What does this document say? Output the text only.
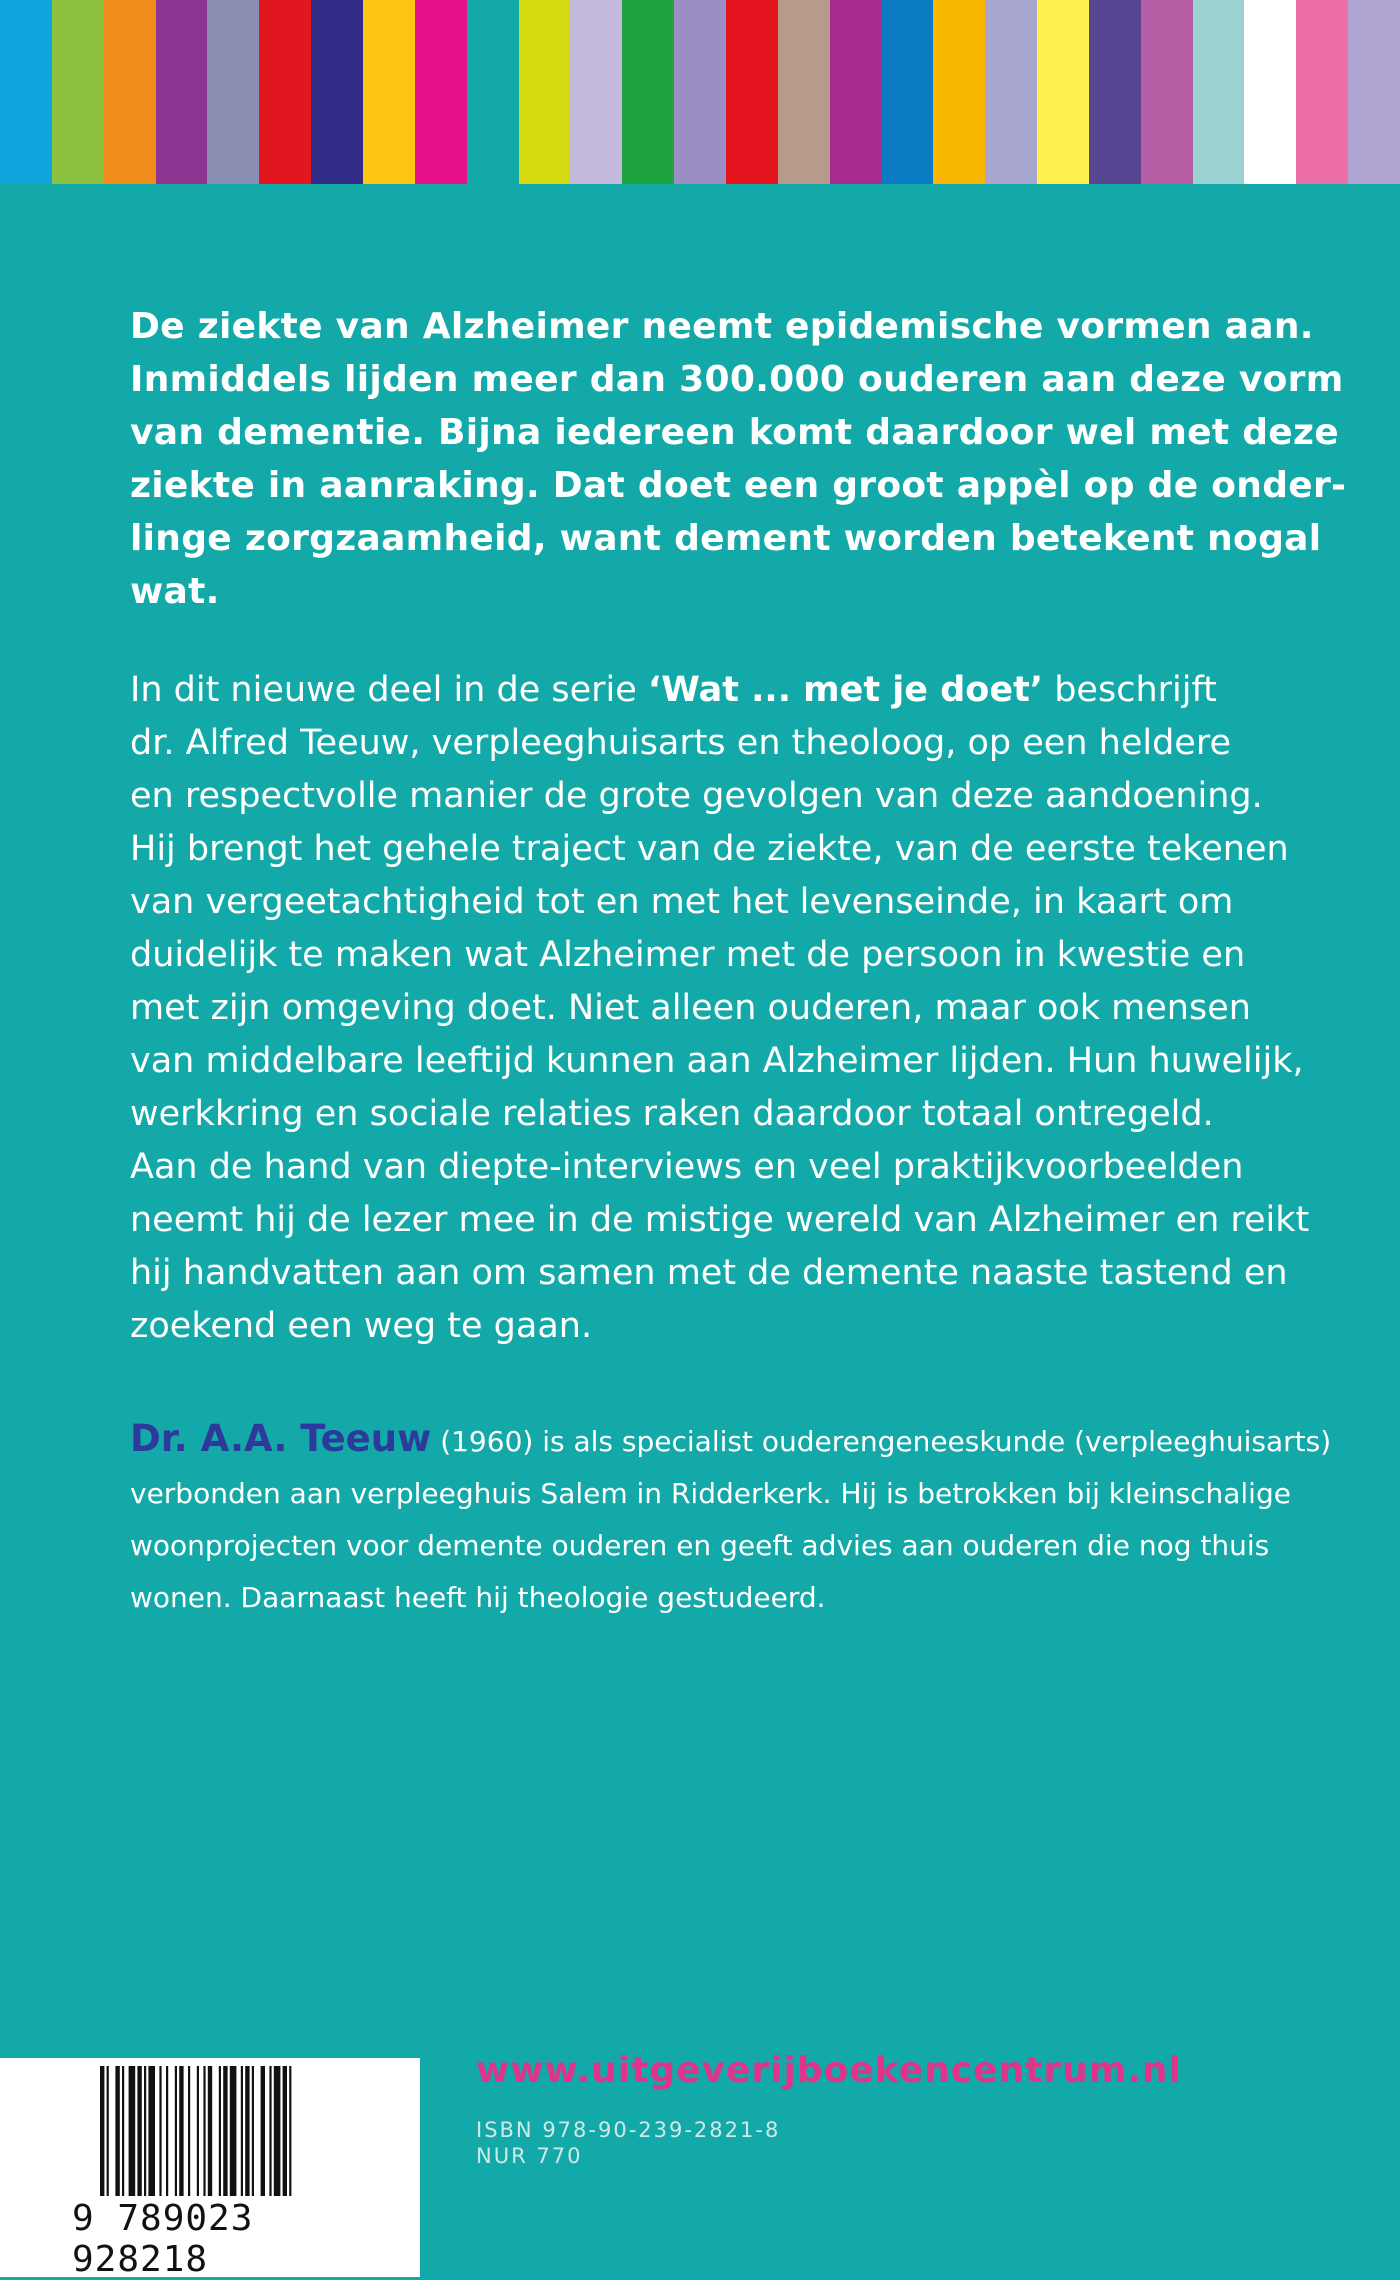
De ziekte van Alzheimer neemt epidemische vormen aan.
Inmiddels lijden meer dan 300.000 ouderen aan deze vorm
van dementie. Bijna iedereen komt daardoor wel met deze
ziekte in aanraking. Dat doet een groot appèl op de onder-
linge zorgzaamheid, want dement worden betekent nogal wat.

In dit nieuwe deel in de serie ‘Wat ... met je doet’ beschrijft
dr. Alfred Teeuw, verpleeghuisarts en theoloog, op een heldere
en respectvolle manier de grote gevolgen van deze aandoening.
Hij brengt het gehele traject van de ziekte, van de eerste tekenen
van vergeetachtigheid tot en met het levenseinde, in kaart om
duidelijk te maken wat Alzheimer met de persoon in kwestie en
met zijn omgeving doet. Niet alleen ouderen, maar ook mensen
van middelbare leeftijd kunnen aan Alzheimer lijden. Hun huwelijk,
werkkring en sociale relaties raken daardoor totaal ontregeld.
Aan de hand van diepte-interviews en veel praktijkvoorbeelden
neemt hij de lezer mee in de mistige wereld van Alzheimer en reikt
hij handvatten aan om samen met de demente naaste tastend en
zoekend een weg te gaan.

Dr. A.A. Teeuw (1960) is als specialist ouderengeneeskunde (verpleeghuisarts)
verbonden aan verpleeghuis Salem in Ridderkerk. Hij is betrokken bij kleinschalige
woonprojecten voor demente ouderen en geeft advies aan ouderen die nog thuis
wonen. Daarnaast heeft hij theologie gestudeerd.

9 789023 928218
www.uitgeverijboekencentrum.nl
ISBN 978-90-239-2821-8
NUR 770
